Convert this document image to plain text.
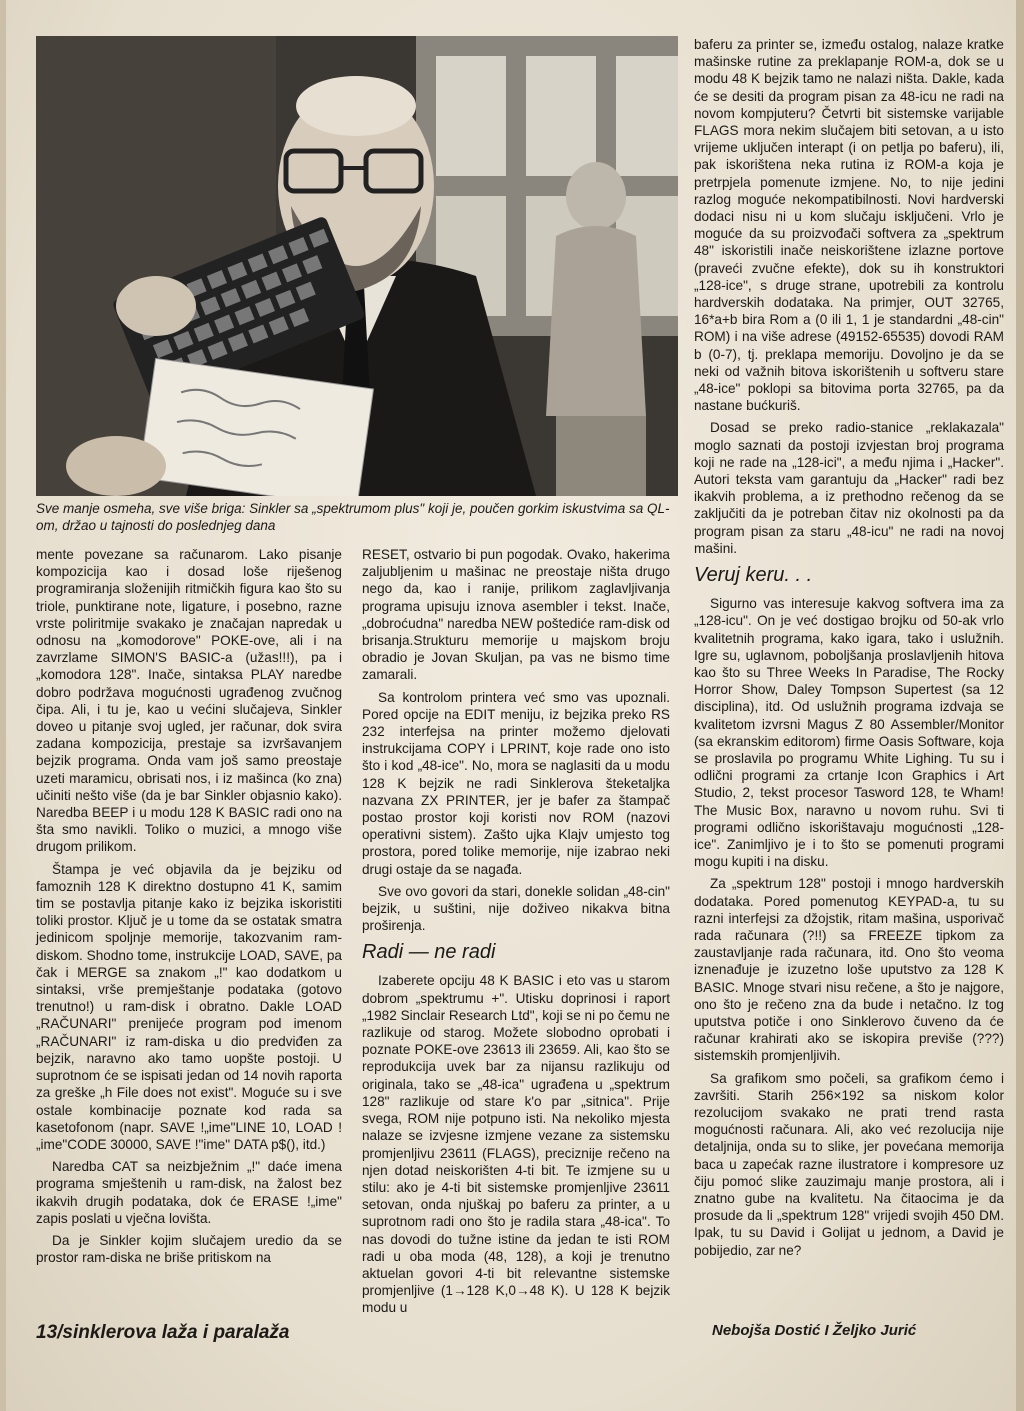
Sve manje osmeha, sve više briga: Sinkler sa „spektrumom plus" koji je, poučen gorkim iskustvima sa QL-om, držao u tajnosti do poslednjeg dana

mente povezane sa računarom. Lako pisanje kompozicija kao i dosad loše riješenog programiranja složenijih ritmičkih figura kao što su triole, punktirane note, ligature, i posebno, razne vrste poliritmije svakako je značajan napredak u odnosu na „komodorove" POKE-ove, ali i na zavrzlame SIMON'S BASIC-a (užas!!!), pa i „komodora 128". Inače, sintaksa PLAY naredbe dobro podržava mogućnosti ugrađenog zvučnog čipa. Ali, i tu je, kao u većini slučajeva, Sinkler doveo u pitanje svoj ugled, jer računar, dok svira zadana kompozicija, prestaje sa izvršavanjem bejzik programa. Onda vam još samo preostaje uzeti maramicu, obrisati nos, i iz mašinca (ko zna) učiniti nešto više (da je bar Sinkler objasnio kako). Naredba BEEP i u modu 128 K BASIC radi ono na šta smo navikli. Toliko o muzici, a mnogo više drugom prilikom.

Štampa je već objavila da je bejziku od famoznih 128 K direktno dostupno 41 K, samim tim se postavlja pitanje kako iz bejzika iskoristiti toliki prostor. Ključ je u tome da se ostatak smatra jedinicom spoljnje memorije, takozvanim ram-diskom. Shodno tome, instrukcije LOAD, SAVE, pa čak i MERGE sa znakom „!" kao dodatkom u sintaksi, vrše premještanje podataka (gotovo trenutno!) u ram-disk i obratno. Dakle LOAD „RAČUNARI" prenijeće program pod imenom „RAČUNARI" iz ram-diska u dio predviđen za bejzik, naravno ako tamo uopšte postoji. U suprotnom će se ispisati jedan od 14 novih raporta za greške „h File does not exist". Moguće su i sve ostale kombinacije poznate kod rada sa kasetofonom (napr. SAVE !„ime"LINE 10, LOAD !„ime"CODE 30000, SAVE !"ime" DATA p$(), itd.)

Naredba CAT sa neizbježnim „!" daće imena programa smještenih u ram-disk, na žalost bez ikakvih drugih podataka, dok će ERASE !„ime" zapis poslati u vječna lovišta.

Da je Sinkler kojim slučajem uredio da se prostor ram-diska ne briše pritiskom na

RESET, ostvario bi pun pogodak. Ovako, hakerima zaljubljenim u mašinac ne preostaje ništa drugo nego da, kao i ranije, prilikom zaglavljivanja programa upisuju iznova asembler i tekst. Inače, „dobroćudna" naredba NEW poštediće ram-disk od brisanja.Strukturu memorije u majskom broju obradio je Jovan Skuljan, pa vas ne bismo time zamarali.

Sa kontrolom printera već smo vas upoznali. Pored opcije na EDIT meniju, iz bejzika preko RS 232 interfejsa na printer možemo djelovati instrukcijama COPY i LPRINT, koje rade ono isto što i kod „48-ice". No, mora se naglasiti da u modu 128 K bejzik ne radi Sinklerova šteketaljka nazvana ZX PRINTER, jer je bafer za štampač postao prostor koji koristi nov ROM (nazovi operativni sistem). Zašto ujka Klajv umjesto tog prostora, pored tolike memorije, nije izabrao neki drugi ostaje da se nagađa.

Sve ovo govori da stari, donekle solidan „48-cin" bejzik, u suštini, nije doživeo nikakva bitna proširenja.

Radi — ne radi

Izaberete opciju 48 K BASIC i eto vas u starom dobrom „spektrumu +". Utisku doprinosi i raport „1982 Sinclair Research Ltd", koji se ni po čemu ne razlikuje od starog. Možete slobodno oprobati i poznate POKE-ove 23613 ili 23659. Ali, kao što se reprodukcija uvek bar za nijansu razlikuju od originala, tako se „48-ica" ugrađena u „spektrum 128" razlikuje od stare k'o par „sitnica". Prije svega, ROM nije potpuno isti. Na nekoliko mjesta nalaze se izvjesne izmjene vezane za sistemsku promjenljivu 23611 (FLAGS), preciznije rečeno na njen dotad neiskorišten 4-ti bit. Te izmjene su u stilu: ako je 4-ti bit sistemske promjenljive 23611 setovan, onda njuškaj po baferu za printer, a u suprotnom radi ono što je radila stara „48-ica". To nas dovodi do tužne istine da jedan te isti ROM radi u oba moda (48, 128), a koji je trenutno aktuelan govori 4-ti bit relevantne sistemske promjenljive (1→128 K,0→48 K). U 128 K bejzik modu u

baferu za printer se, između ostalog, nalaze kratke mašinske rutine za preklapanje ROM-a, dok se u modu 48 K bejzik tamo ne nalazi ništa. Dakle, kada će se desiti da program pisan za 48-icu ne radi na novom kompjuteru? Četvrti bit sistemske varijable FLAGS mora nekim slučajem biti setovan, a u isto vrijeme uključen interapt (i on petlja po baferu), ili, pak iskorištena neka rutina iz ROM-a koja je pretrpjela pomenute izmjene. No, to nije jedini razlog moguće nekompatibilnosti. Novi hardverski dodaci nisu ni u kom slučaju isključeni. Vrlo je moguće da su proizvođači softvera za „spektrum 48" iskoristili inače neiskorištene izlazne portove (pravеći zvučne efekte), dok su ih konstruktori „128-ice", s druge strane, upotrebili za kontrolu hardverskih dodataka. Na primjer, OUT 32765, 16*a+b bira Rom a (0 ili 1, 1 je standardni „48-cin" ROM) i na više adrese (49152-65535) dovodi RAM b (0-7), tj. preklapa memoriju. Dovoljno je da se neki od važnih bitova iskorištenih u softveru stare „48-ice" poklopi sa bitovima porta 32765, pa da nastane bućkuriš.

Dosad se preko radio-stanice „reklakazala" moglo saznati da postoji izvjestan broj programa koji ne rade na „128-ici", a među njima i „Hacker". Autori teksta vam garantuju da „Hacker" radi bez ikakvih problema, a iz prethodno rečenog da se zaključiti da je potreban čitav niz okolnosti pa da program pisan za staru „48-icu" ne radi na novoj mašini.

Veruj keru. . .

Sigurno vas interesuje kakvog softvera ima za „128-icu". On je već dostigao brojku od 50-ak vrlo kvalitetnih programa, kako igara, tako i uslužnih. Igre su, uglavnom, poboljšanja proslavljenih hitova kao što su Three Weeks In Paradise, The Rocky Horror Show, Daley Tompson Supertest (sa 12 disciplina), itd. Od uslužnih programa izdvaja se kvalitetom izvrsni Magus Z 80 Assembler/Monitor (sa ekranskim editorom) firme Oasis Software, koja se proslavila po programu White Lighing. Tu su i odlični programi za crtanje Icon Graphics i Art Studio, 2, tekst procesor Tasword 128, te Wham! The Music Box, naravno u novom ruhu. Svi ti programi odlično iskorištavaju mogućnosti „128-ice". Zanimljivo je i to što se pomenuti programi mogu kupiti i na disku.

Za „spektrum 128" postoji i mnogo hardverskih dodataka. Pored pomenutog KEYPAD-a, tu su razni interfejsi za džojstik, ritam mašina, usporivač rada računara (?!!) sa FREEZE tipkom za zaustavljanje rada računara, itd. Ono što veoma iznenađuje je izuzetno loše uputstvo za 128 K BASIC. Mnoge stvari nisu rečene, a što je najgore, ono što je rečeno zna da bude i netačno. Iz tog uputstva potiče i ono Sinklerovo čuveno da će računar krahirati ako se iskopira previše (???) sistemskih promjenljivih.

Sa grafikom smo počeli, sa grafikom ćemo i završiti. Starih 256×192 sa niskom kolor rezolucijom svakako ne prati trend rasta mogućnosti računara. Ali, ako već rezolucija nije detaljnija, onda su to slike, jer povećana memorija baca u zapećak razne ilustratore i kompresore uz čiju pomoć slike zauzimaju manje prostora, ali i znatno gube na kvalitetu. Na čitaocima je da prosude da li „spektrum 128" vrijedi svojih 450 DM. Ipak, tu su David i Golijat u jednom, a David je pobijedio, zar ne?

13/sinklerova laža i paralaža	Nebojša Dostić I Željko Jurić
